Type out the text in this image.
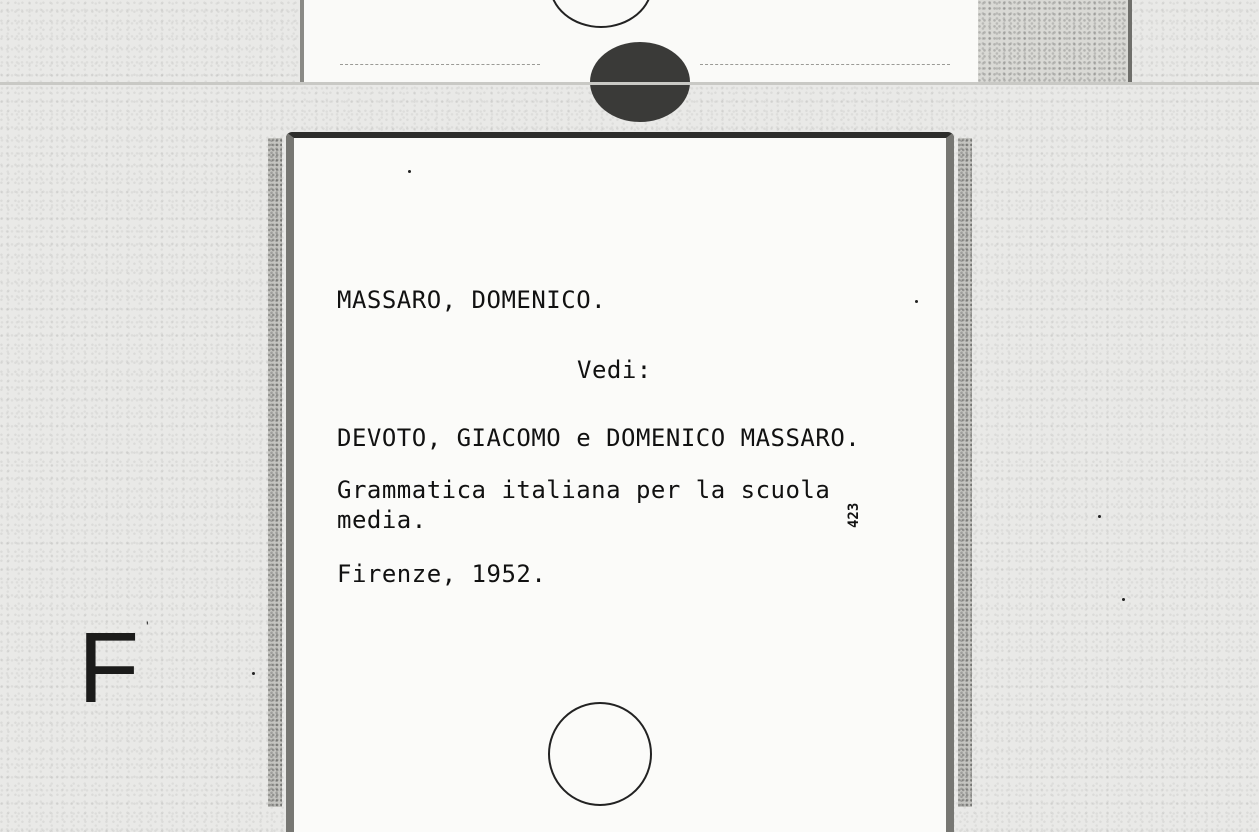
MASSARO, DOMENICO.
Vedi:
DEVOTO, GIACOMO e DOMENICO MASSARO.
Grammatica italiana per la scuola
media.
Firenze, 1952.
423
F '
